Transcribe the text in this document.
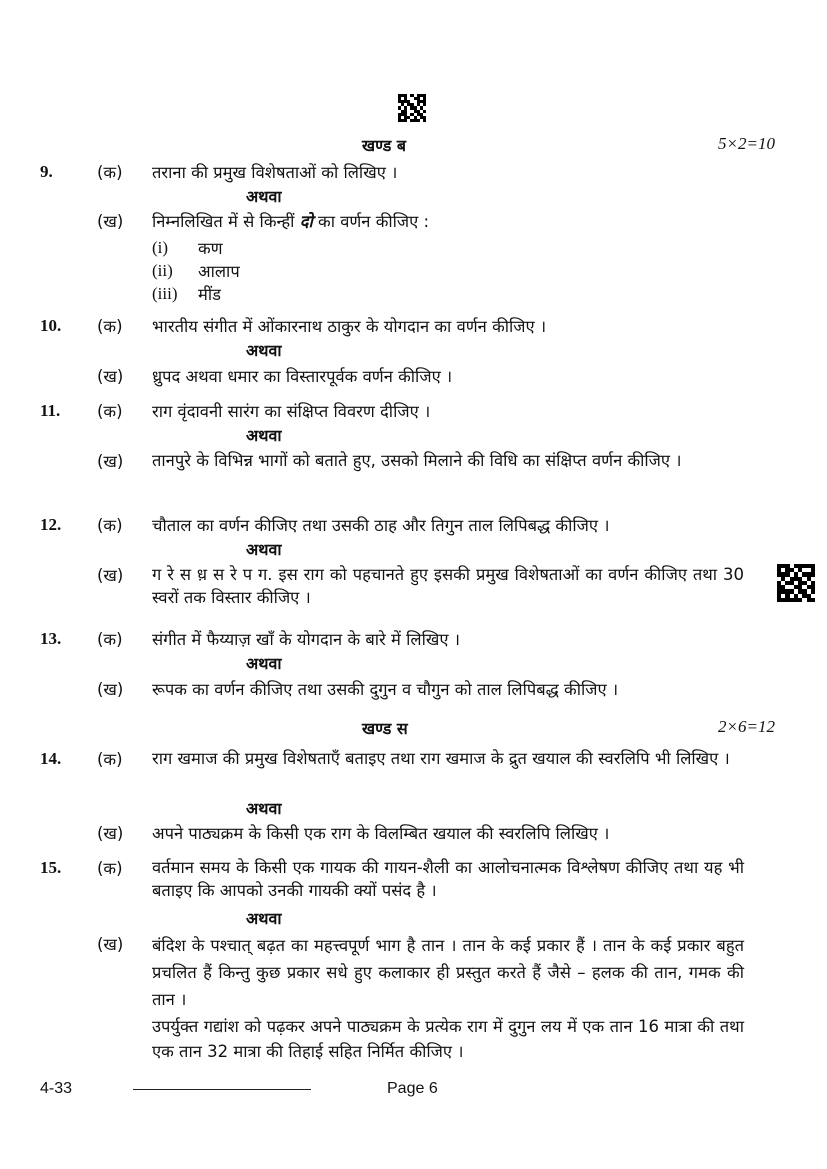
खण्ड ब	5×2=10
9.	(क) तराना की प्रमुख विशेषताओं को लिखिए ।
अथवा
(ख) निम्नलिखित में से किन्हीं दो का वर्णन कीजिए :
(i) कण
(ii) आलाप
(iii) मींड
10. (क) भारतीय संगीत में ओंकारनाथ ठाकुर के योगदान का वर्णन कीजिए ।
अथवा
(ख) ध्रुपद अथवा धमार का विस्तारपूर्वक वर्णन कीजिए ।
11. (क) राग वृंदावनी सारंग का संक्षिप्त विवरण दीजिए ।
अथवा
(ख) तानपुरे के विभिन्न भागों को बताते हुए, उसको मिलाने की विधि का संक्षिप्त वर्णन कीजिए ।
12. (क) चौताल का वर्णन कीजिए तथा उसकी ठाह और तिगुन ताल लिपिबद्ध कीजिए ।
अथवा
(ख) ग रे स ध़ स रे प ग. इस राग को पहचानते हुए इसकी प्रमुख विशेषताओं का वर्णन कीजिए तथा 30 स्वरों तक विस्तार कीजिए ।
13. (क) संगीत में फैय्याज़ खाँ के योगदान के बारे में लिखिए ।
अथवा
(ख) रूपक का वर्णन कीजिए तथा उसकी दुगुन व चौगुन को ताल लिपिबद्ध कीजिए ।
खण्ड स	2×6=12
14. (क) राग खमाज की प्रमुख विशेषताएँ बताइए तथा राग खमाज के द्रुत खयाल की स्वरलिपि भी लिखिए ।
अथवा
(ख) अपने पाठ्यक्रम के किसी एक राग के विलम्बित खयाल की स्वरलिपि लिखिए ।
15. (क) वर्तमान समय के किसी एक गायक की गायन-शैली का आलोचनात्मक विश्लेषण कीजिए तथा यह भी बताइए कि आपको उनकी गायकी क्यों पसंद है ।
अथवा
(ख) बंदिश के पश्चात् बढ़त का महत्त्वपूर्ण भाग है तान । तान के कई प्रकार हैं । तान के कई प्रकार बहुत प्रचलित हैं किन्तु कुछ प्रकार सधे हुए कलाकार ही प्रस्तुत करते हैं जैसे – हलक की तान, गमक की तान ।
उपर्युक्त गद्यांश को पढ़कर अपने पाठ्यक्रम के प्रत्येक राग में दुगुन लय में एक तान 16 मात्रा की तथा एक तान 32 मात्रा की तिहाई सहित निर्मित कीजिए ।
4-33	Page 6
